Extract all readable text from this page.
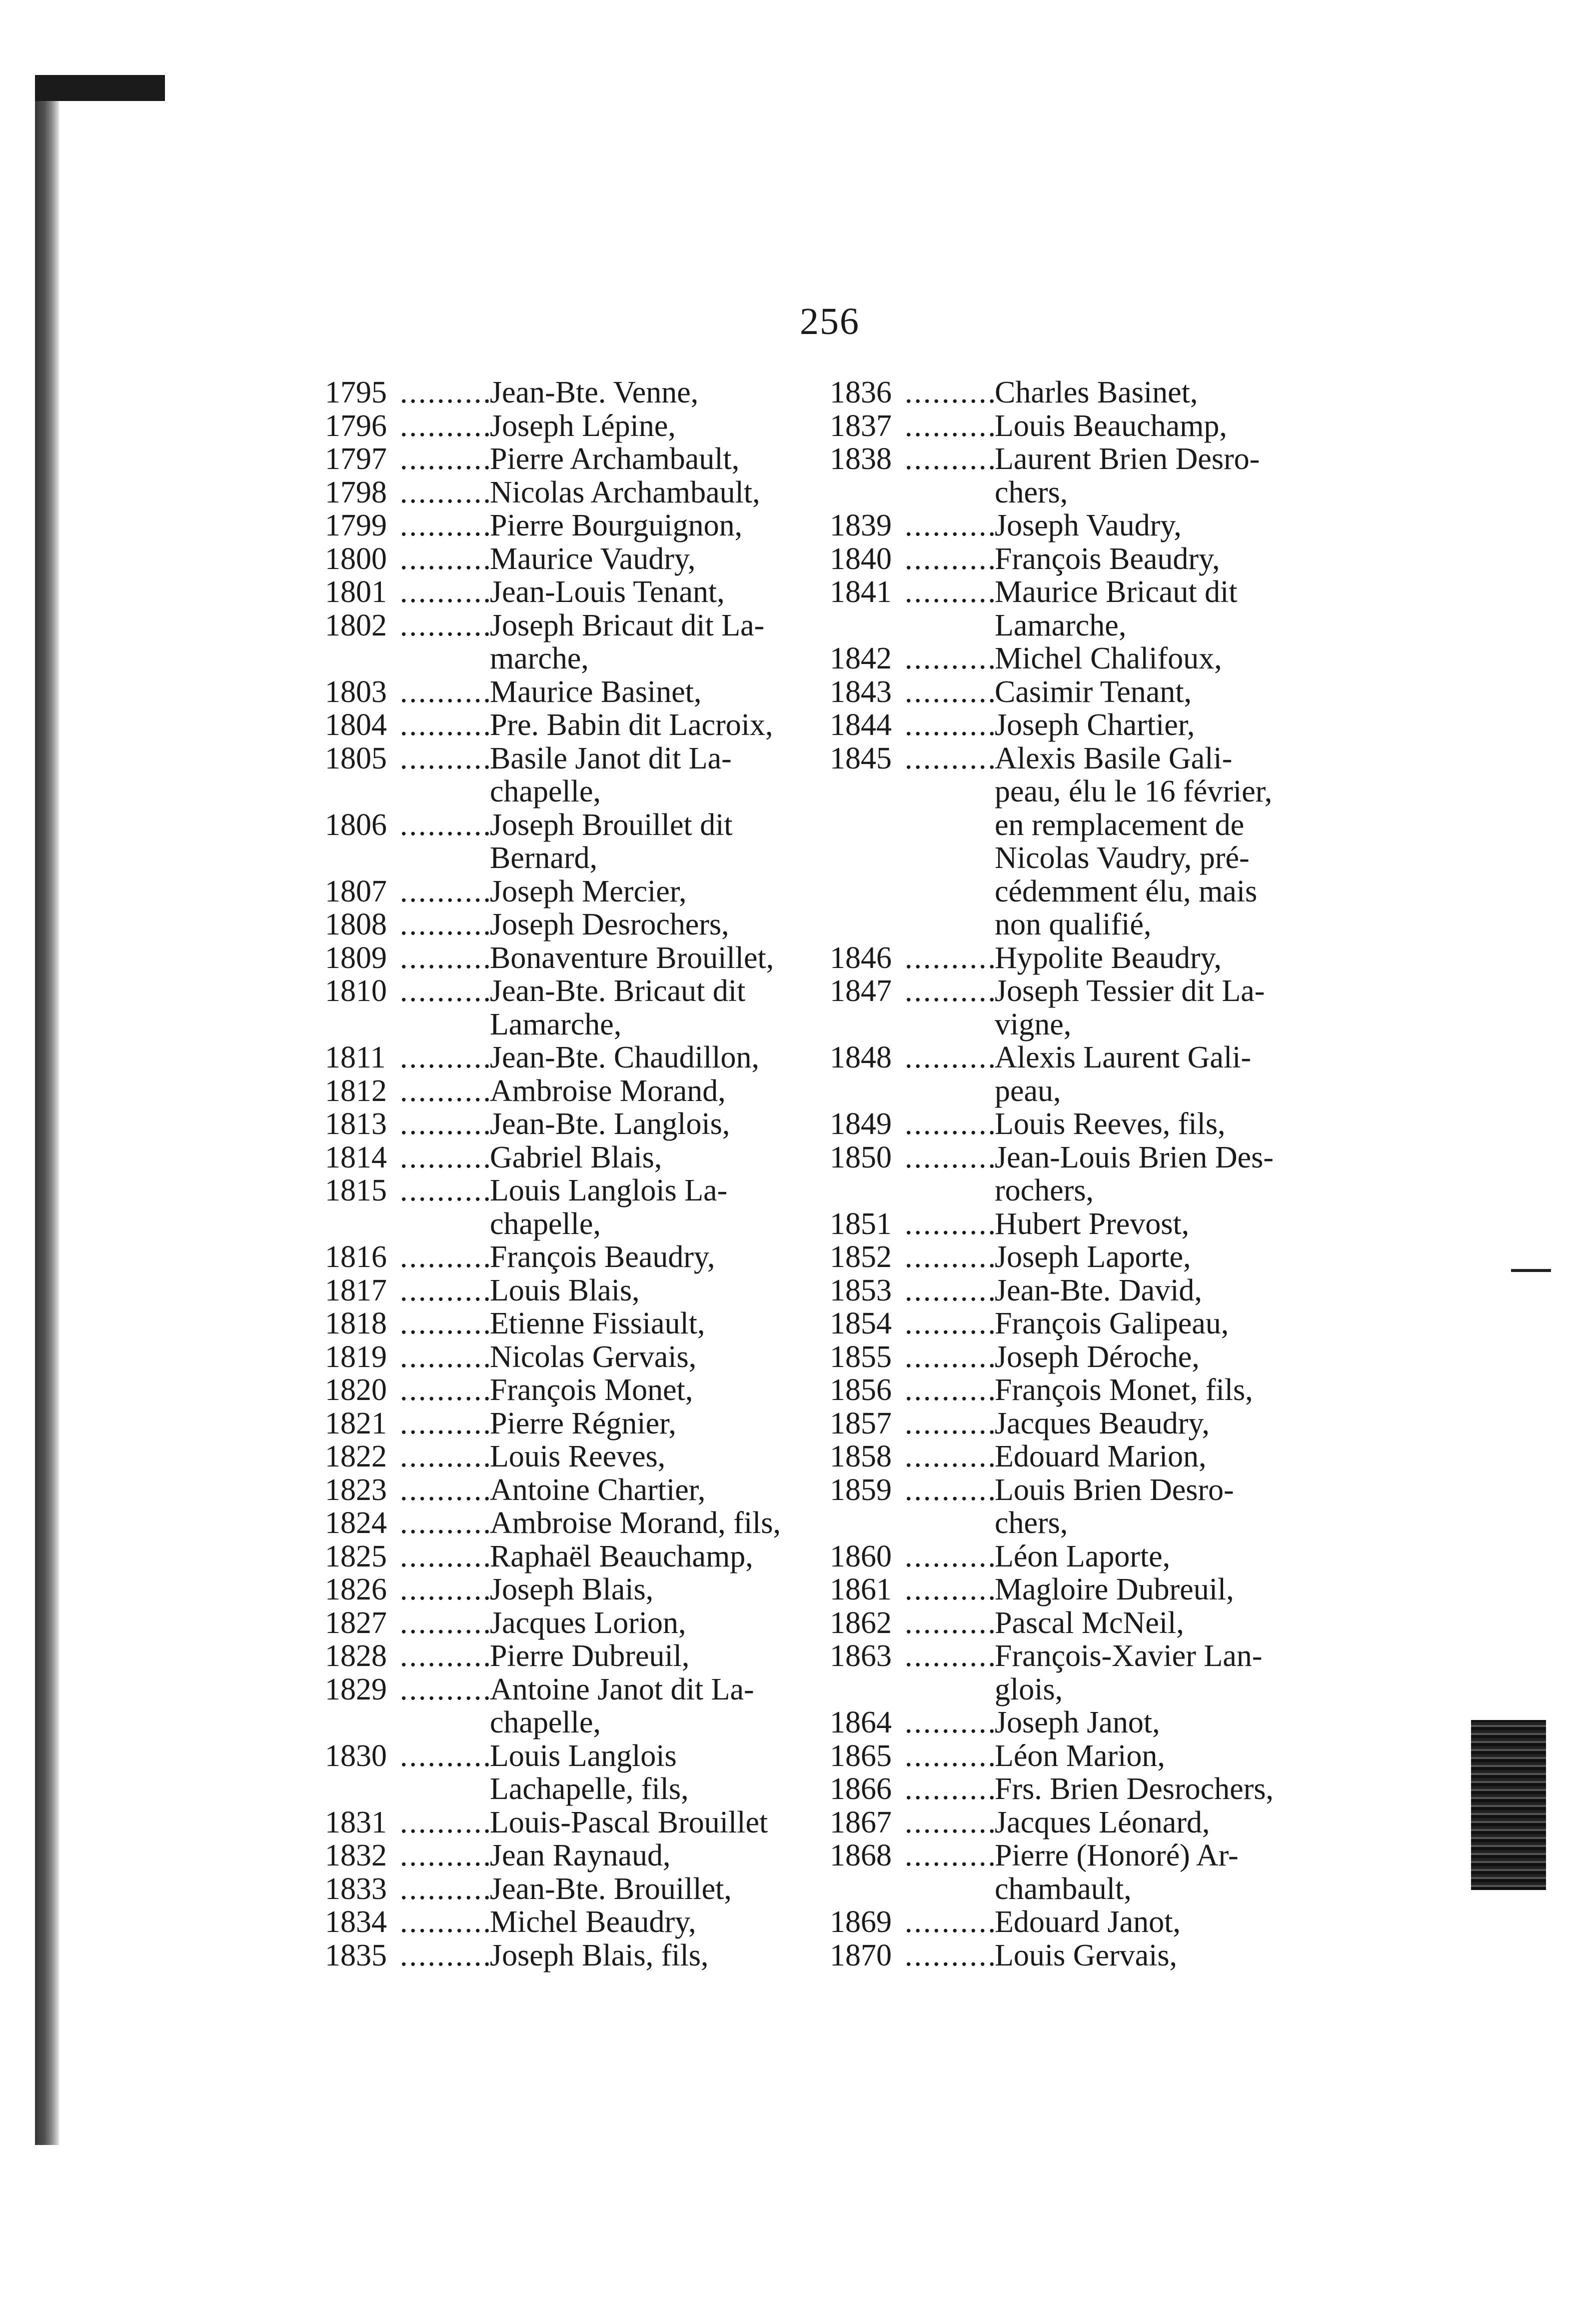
256
1795 .....	Jean-Bte. Venne,
1796 .....	Joseph Lépine,
1797 .....	Pierre Archambault,
1798 .....	Nicolas Archambault,
1799 .....	Pierre Bourguignon,
1800 .....	Maurice Vaudry,
1801 .....	Jean-Louis Tenant,
1802 .....	Joseph Bricaut dit La-
marche,
1803 .....	Maurice Basinet,
1804 .....	Pre. Babin dit Lacroix,
1805 .....	Basile Janot dit La-
chapelle,
1806 .....	Joseph Brouillet dit
Bernard,
1807 .....	Joseph Mercier,
1808 .....	Joseph Desrochers,
1809 .....	Bonaventure Brouillet,
1810 .....	Jean-Bte. Bricaut dit
Lamarche,
1811 .....	Jean-Bte. Chaudillon,
1812 .....	Ambroise Morand,
1813 .....	Jean-Bte. Langlois,
1814 .....	Gabriel Blais,
1815 .....	Louis Langlois La-
chapelle,
1816 .....	François Beaudry,
1817 .....	Louis Blais,
1818 .....	Etienne Fissiault,
1819 .....	Nicolas Gervais,
1820 .....	François Monet,
1821 .....	Pierre Régnier,
1822 .....	Louis Reeves,
1823 .....	Antoine Chartier,
1824 .....	Ambroise Morand, fils,
1825 .....	Raphaël Beauchamp,
1826 .....	Joseph Blais,
1827 .....	Jacques Lorion,
1828 .....	Pierre Dubreuil,
1829 .....	Antoine Janot dit La-
chapelle,
1830 .....	Louis Langlois
Lachapelle, fils,
1831 .....	Louis-Pascal Brouillet
1832 .....	Jean Raynaud,
1833 .....	Jean-Bte. Brouillet,
1834 .....	Michel Beaudry,
1835 .....	Joseph Blais, fils,
1836 .....	Charles Basinet,
1837 .....	Louis Beauchamp,
1838 .....	Laurent Brien Desro-
chers,
1839 .....	Joseph Vaudry,
1840 .....	François Beaudry,
1841 .....	Maurice Bricaut dit
Lamarche,
1842 .....	Michel Chalifoux,
1843 .....	Casimir Tenant,
1844 .....	Joseph Chartier,
1845 .....	Alexis Basile Gali-
peau, élu le 16 février,
en remplacement de
Nicolas Vaudry, pré-
cédemment élu, mais
non qualifié,
1846 .....	Hypolite Beaudry,
1847 .....	Joseph Tessier dit La-
vigne,
1848 .....	Alexis Laurent Gali-
peau,
1849 .....	Louis Reeves, fils,
1850 .....	Jean-Louis Brien Des-
rochers,
1851 .....	Hubert Prevost,
1852 .....	Joseph Laporte,
1853 .....	Jean-Bte. David,
1854 .....	François Galipeau,
1855 .....	Joseph Déroche,
1856 .....	François Monet, fils,
1857 .....	Jacques Beaudry,
1858 .....	Edouard Marion,
1859 .....	Louis Brien Desro-
chers,
1860 .....	Léon Laporte,
1861 .....	Magloire Dubreuil,
1862 .....	Pascal McNeil,
1863 .....	François-Xavier Lan-
glois,
1864 .....	Joseph Janot,
1865 .....	Léon Marion,
1866 .....	Frs. Brien Desrochers,
1867 .....	Jacques Léonard,
1868 .....	Pierre (Honoré) Ar-
chambault,
1869 .....	Edouard Janot,
1870 .....	Louis Gervais,
